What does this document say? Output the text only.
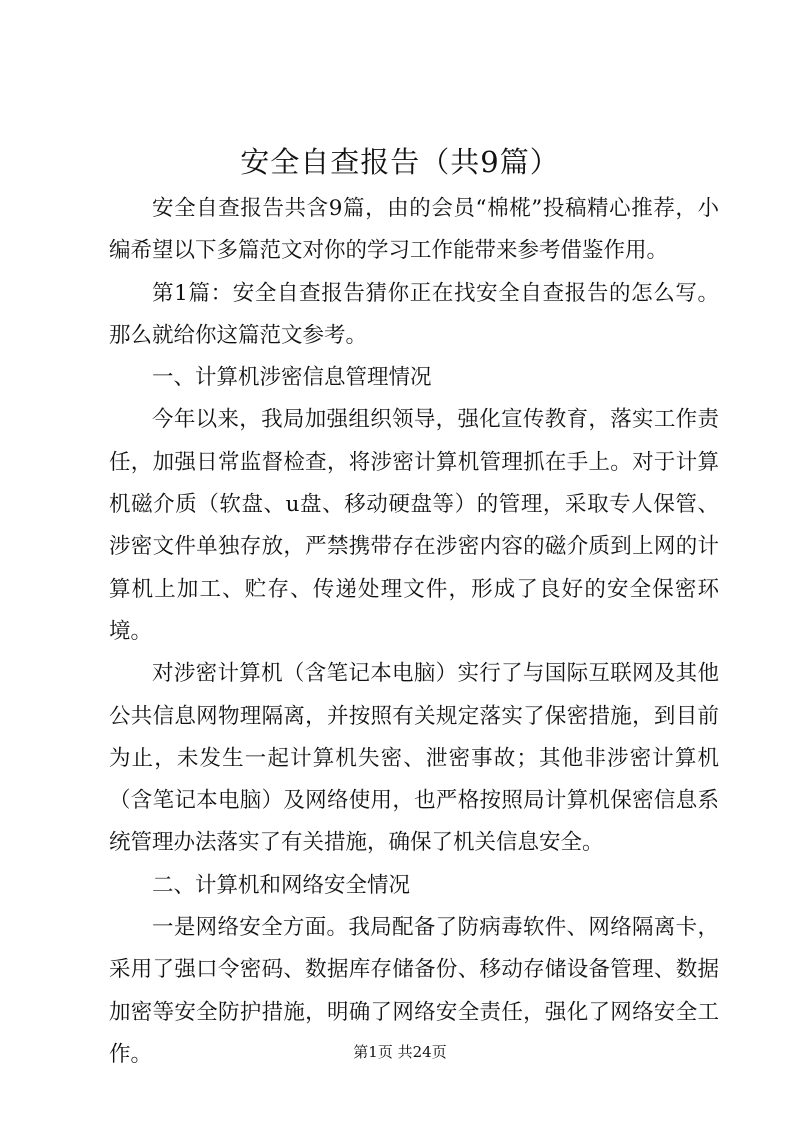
安全自查报告（共9篇）

安全自查报告共含9篇，由的会员“棉椛”投稿精心推荐，小编希望以下多篇范文对你的学习工作能带来参考借鉴作用。

第1篇：安全自查报告猜你正在找安全自查报告的怎么写。那么就给你这篇范文参考。

一、计算机涉密信息管理情况

今年以来，我局加强组织领导，强化宣传教育，落实工作责任，加强日常监督检查，将涉密计算机管理抓在手上。对于计算机磁介质（软盘、u盘、移动硬盘等）的管理，采取专人保管、涉密文件单独存放，严禁携带存在涉密内容的磁介质到上网的计算机上加工、贮存、传递处理文件，形成了良好的安全保密环境。

对涉密计算机（含笔记本电脑）实行了与国际互联网及其他公共信息网物理隔离，并按照有关规定落实了保密措施，到目前为止，未发生一起计算机失密、泄密事故；其他非涉密计算机（含笔记本电脑）及网络使用，也严格按照局计算机保密信息系统管理办法落实了有关措施，确保了机关信息安全。

二、计算机和网络安全情况

一是网络安全方面。我局配备了防病毒软件、网络隔离卡，采用了强口令密码、数据库存储备份、移动存储设备管理、数据加密等安全防护措施，明确了网络安全责任，强化了网络安全工作。	第1页 共24页
